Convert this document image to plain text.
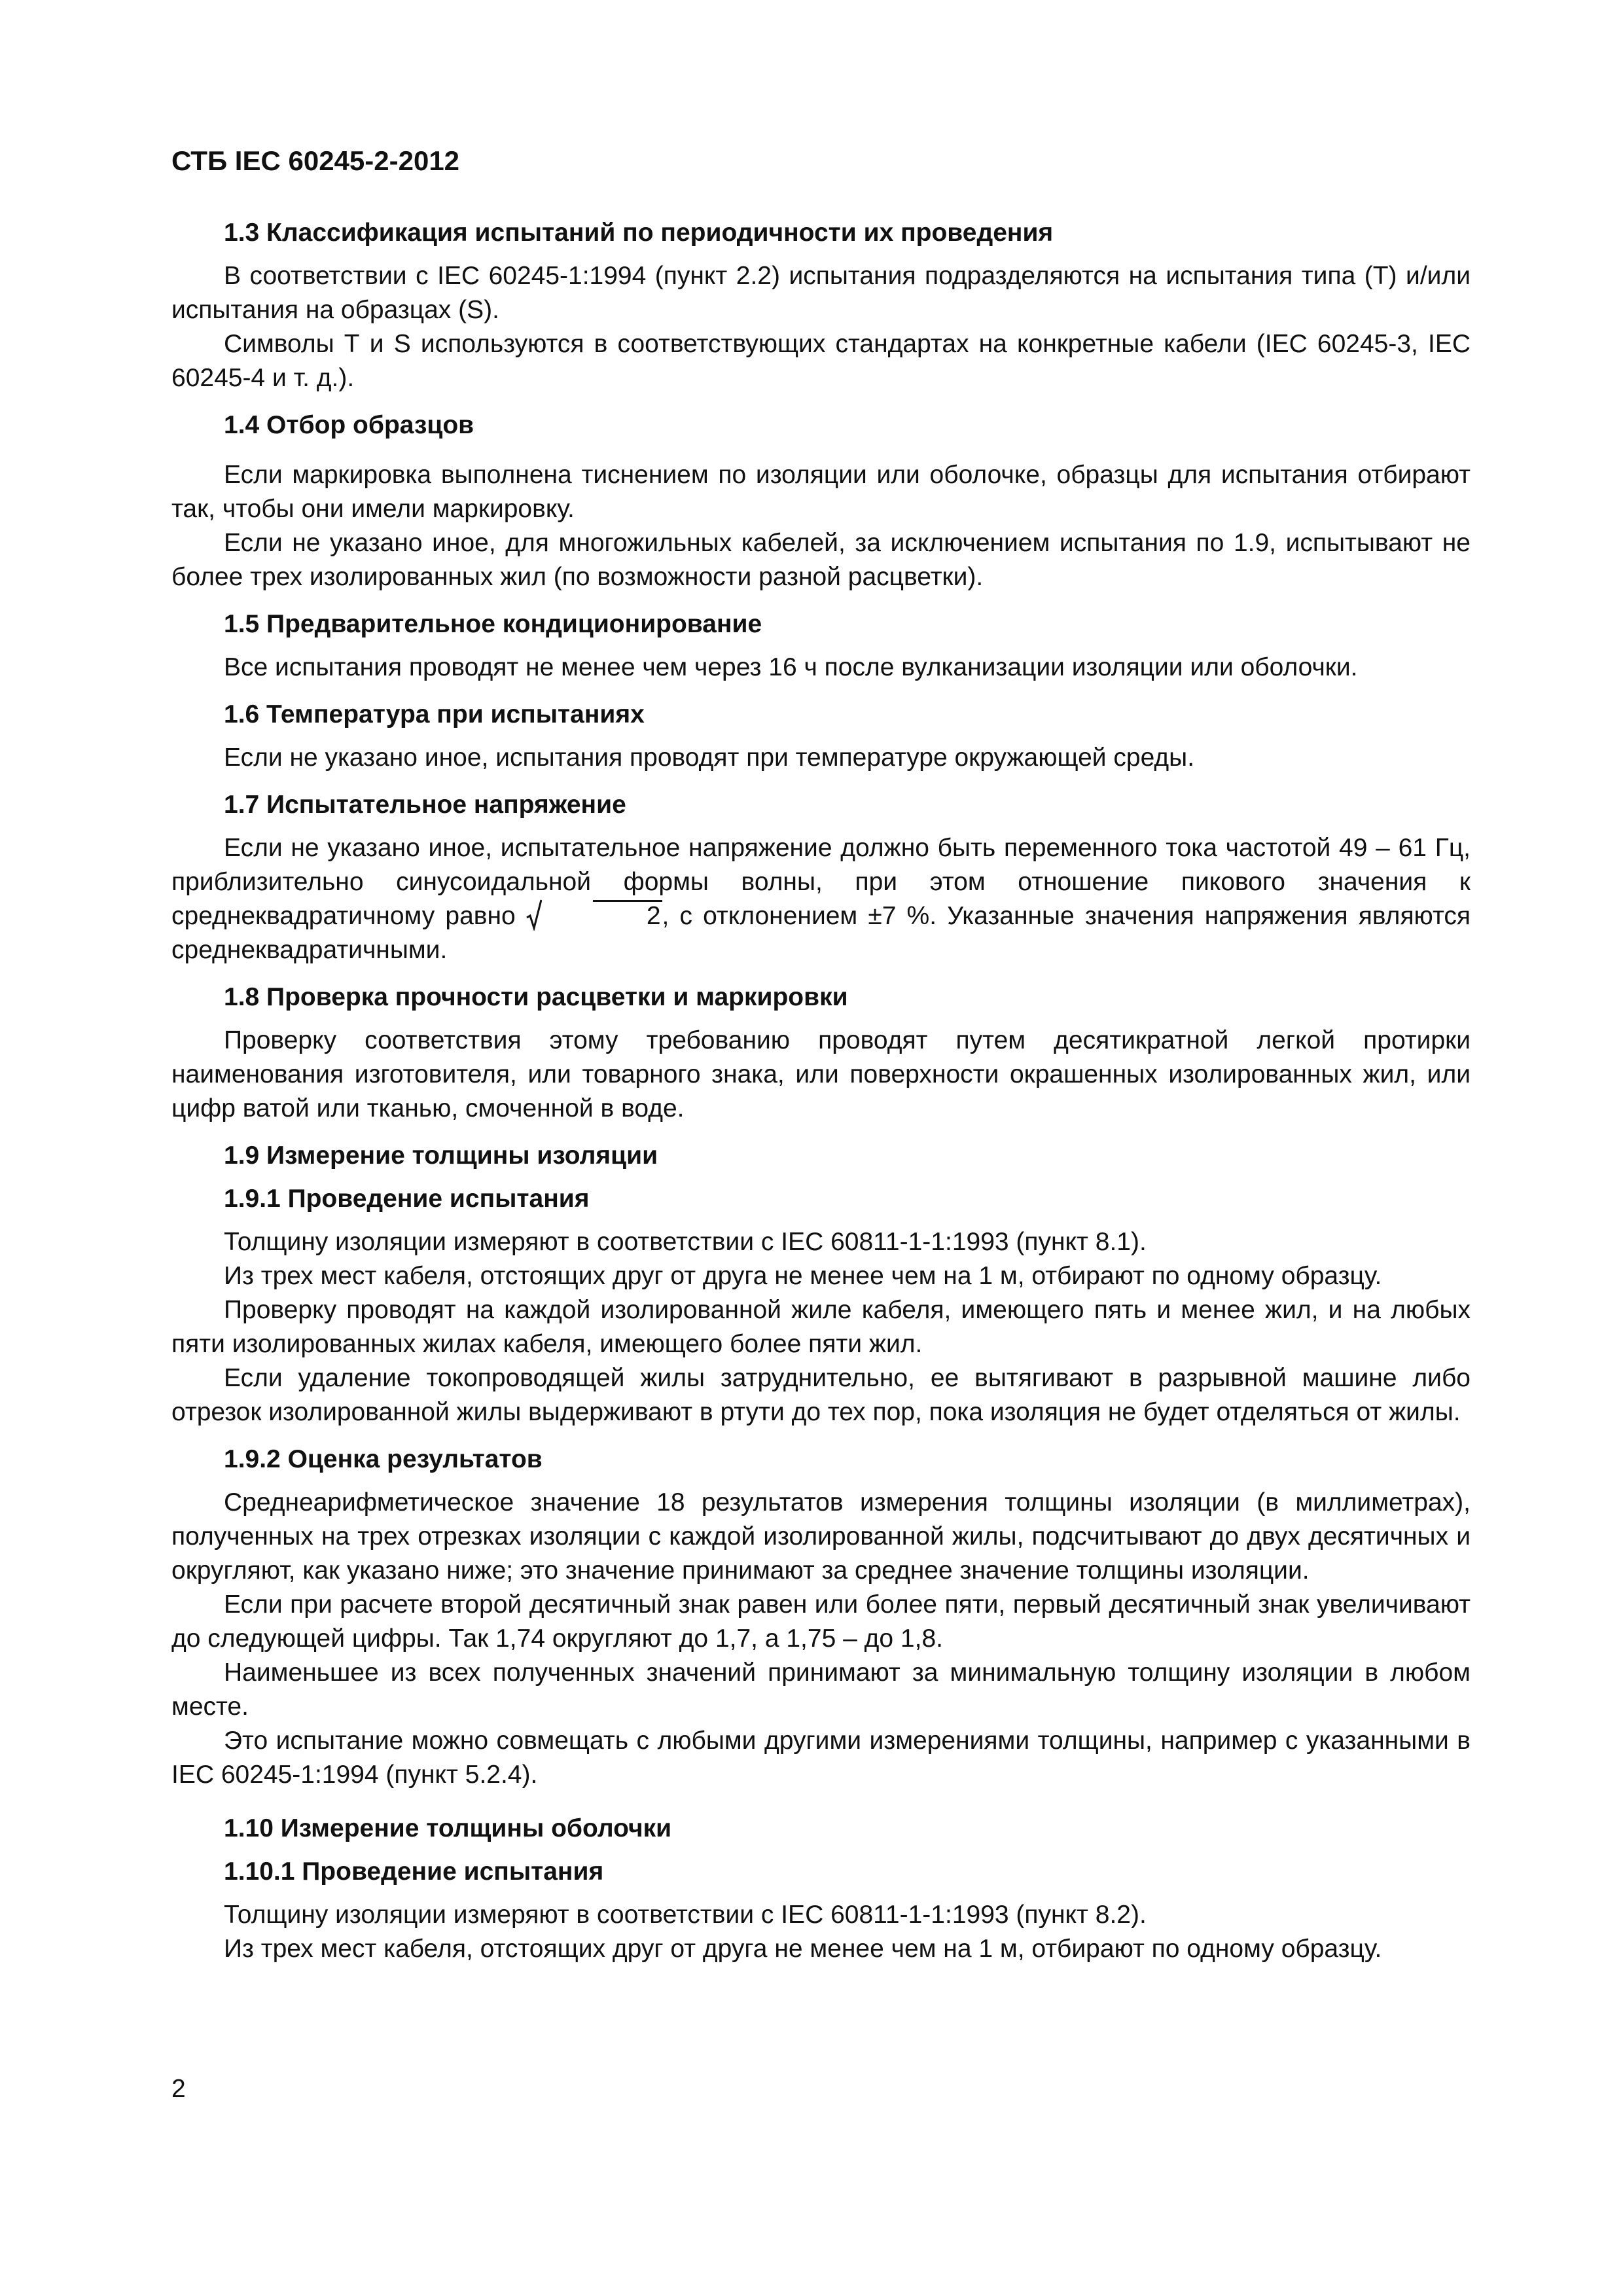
СТБ IEC 60245-2-2012
1.3 Классификация испытаний по периодичности их проведения

В соответствии с IEC 60245-1:1994 (пункт 2.2) испытания подразделяются на испытания типа (Т) и/или испытания на образцах (S).

Символы Т и S используются в соответствующих стандартах на конкретные кабели (IEC 60245-3, IEC 60245-4 и т. д.).

1.4 Отбор образцов

Если маркировка выполнена тиснением по изоляции или оболочке, образцы для испытания отбирают так, чтобы они имели маркировку.

Если не указано иное, для многожильных кабелей, за исключением испытания по 1.9, испытывают не более трех изолированных жил (по возможности разной расцветки).

1.5 Предварительное кондиционирование

Все испытания проводят не менее чем через 16 ч после вулканизации изоляции или оболочки.

1.6 Температура при испытаниях

Если не указано иное, испытания проводят при температуре окружающей среды.

1.7 Испытательное напряжение

Если не указано иное, испытательное напряжение должно быть переменного тока частотой 49 – 61 Гц, приблизительно синусоидальной формы волны, при этом отношение пикового значения к среднеквадратичному равно	2, с отклонением ±7 %. Указанные значения напряжения являются среднеквадратичными.

1.8 Проверка прочности расцветки и маркировки

Проверку соответствия этому требованию проводят путем десятикратной легкой протирки наименования изготовителя, или товарного знака, или поверхности окрашенных изолированных жил, или цифр ватой или тканью, смоченной в воде.

1.9 Измерение толщины изоляции
1.9.1 Проведение испытания

Толщину изоляции измеряют в соответствии с IEC 60811-1-1:1993 (пункт 8.1).

Из трех мест кабеля, отстоящих друг от друга не менее чем на 1 м, отбирают по одному образцу.

Проверку проводят на каждой изолированной жиле кабеля, имеющего пять и менее жил, и на любых пяти изолированных жилах кабеля, имеющего более пяти жил.

Если удаление токопроводящей жилы затруднительно, ее вытягивают в разрывной машине либо отрезок изолированной жилы выдерживают в ртути до тех пор, пока изоляция не будет отделяться от жилы.

1.9.2 Оценка результатов

Среднеарифметическое значение 18 результатов измерения толщины изоляции (в миллиметрах), полученных на трех отрезках изоляции с каждой изолированной жилы, подсчитывают до двух десятичных и округляют, как указано ниже; это значение принимают за среднее значение толщины изоляции.

Если при расчете второй десятичный знак равен или более пяти, первый десятичный знак увеличивают до следующей цифры. Так 1,74 округляют до 1,7, а 1,75 – до 1,8.

Наименьшее из всех полученных значений принимают за минимальную толщину изоляции в любом месте.

Это испытание можно совмещать с любыми другими измерениями толщины, например с указанными в IEC 60245-1:1994 (пункт 5.2.4).

1.10 Измерение толщины оболочки
1.10.1 Проведение испытания

Толщину изоляции измеряют в соответствии с IEC 60811-1-1:1993 (пункт 8.2).

Из трех мест кабеля, отстоящих друг от друга не менее чем на 1 м, отбирают по одному образцу.

2
